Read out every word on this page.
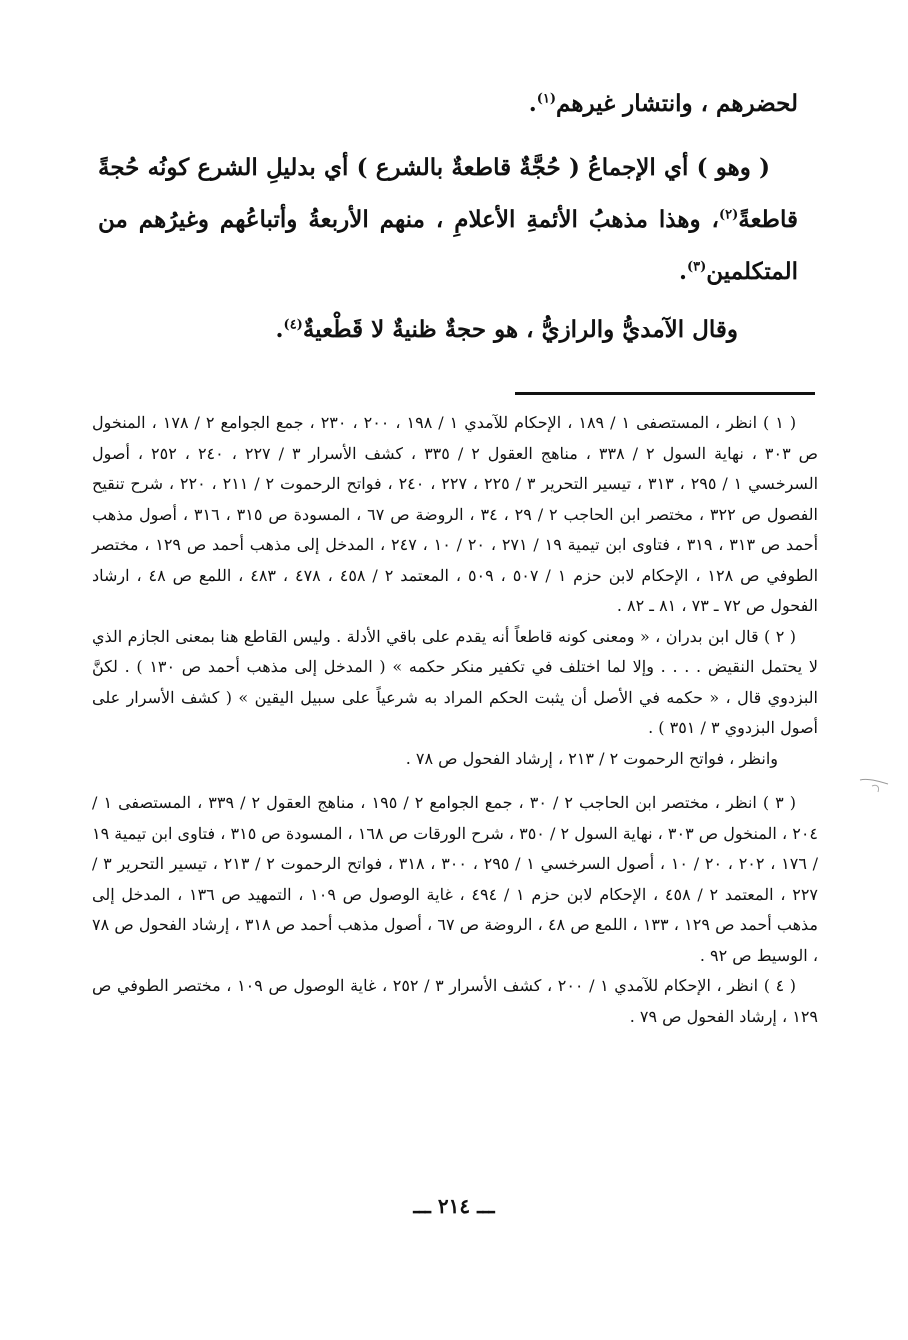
لحضرهم ، وانتشار غيرهم$^{(١)}$.

( وهو ) أي الإجماعُ ( حُجَّةٌ قاطعةٌ بالشرع ) أي بدليلِ الشرع كونُه حُجةً قاطعةً$^{(٢)}$، وهذا مذهبُ الأئمةِ الأعلامِ ، منهم الأربعةُ وأتباعُهم وغيرُهم من المتكلمين$^{(٣)}$.

وقال الآمديُّ والرازيُّ ، هو حجةٌ ظنيةٌ لا قَطْعيةٌ$^{(٤)}$.

( ١ ) انظر ، المستصفى ١ / ١٨٩ ، الإحكام للآمدي ١ / ١٩٨ ، ٢٠٠ ، ٢٣٠ ، جمع الجوامع ٢ / ١٧٨ ، المنخول ص ٣٠٣ ، نهاية السول ٢ / ٣٣٨ ، مناهج العقول ٢ / ٣٣٥ ، كشف الأسرار ٣ / ٢٢٧ ، ٢٤٠ ، ٢٥٢ ، أصول السرخسي ١ / ٢٩٥ ، ٣١٣ ، تيسير التحرير ٣ / ٢٢٥ ، ٢٢٧ ، ٢٤٠ ، فواتح الرحموت ٢ / ٢١١ ، ٢٢٠ ، شرح تنقيح الفصول ص ٣٢٢ ، مختصر ابن الحاجب ٢ / ٢٩ ، ٣٤ ، الروضة ص ٦٧ ، المسودة ص ٣١٥ ، ٣١٦ ، أصول مذهب أحمد ص ٣١٣ ، ٣١٩ ، فتاوى ابن تيمية ١٩ / ٢٧١ ، ٢٠ / ١٠ ، ٢٤٧ ، المدخل إلى مذهب أحمد ص ١٢٩ ، مختصر الطوفي ص ١٢٨ ، الإحكام لابن حزم ١ / ٥٠٧ ، ٥٠٩ ، المعتمد ٢ / ٤٥٨ ، ٤٧٨ ، ٤٨٣ ، اللمع ص ٤٨ ، ارشاد الفحول ص ٧٢ ـ ٧٣ ، ٨١ ـ ٨٢ .

( ٢ ) قال ابن بدران ، « ومعنى كونه قاطعاً أنه يقدم على باقي الأدلة . وليس القاطع هنا بمعنى الجازم الذي لا يحتمل النقيض . . . . وإلا لما اختلف في تكفير منكر حكمه » ( المدخل إلى مذهب أحمد ص ١٣٠ ) . لكنَّ البزدوي قال ، « حكمه في الأصل أن يثبت الحكم المراد به شرعياً على سبيل اليقين » ( كشف الأسرار على أصول البزدوي ٣ / ٣٥١ ) .

وانظر ، فواتح الرحموت ٢ / ٢١٣ ، إرشاد الفحول ص ٧٨ .

( ٣ ) انظر ، مختصر ابن الحاجب ٢ / ٣٠ ، جمع الجوامع ٢ / ١٩٥ ، مناهج العقول ٢ / ٣٣٩ ، المستصفى ١ / ٢٠٤ ، المنخول ص ٣٠٣ ، نهاية السول ٢ / ٣٥٠ ، شرح الورقات ص ١٦٨ ، المسودة ص ٣١٥ ، فتاوى ابن تيمية ١٩ / ١٧٦ ، ٢٠٢ ، ٢٠ / ١٠ ، أصول السرخسي ١ / ٢٩٥ ، ٣٠٠ ، ٣١٨ ، فواتح الرحموت ٢ / ٢١٣ ، تيسير التحرير ٣ / ٢٢٧ ، المعتمد ٢ / ٤٥٨ ، الإحكام لابن حزم ١ / ٤٩٤ ، غاية الوصول ص ١٠٩ ، التمهيد ص ١٣٦ ، المدخل إلى مذهب أحمد ص ١٢٩ ، ١٣٣ ، اللمع ص ٤٨ ، الروضة ص ٦٧ ، أصول مذهب أحمد ص ٣١٨ ، إرشاد الفحول ص ٧٨ ، الوسيط ص ٩٢ .

( ٤ ) انظر ، الإحكام للآمدي ١ / ٢٠٠ ، كشف الأسرار ٣ / ٢٥٢ ، غاية الوصول ص ١٠٩ ، مختصر الطوفي ص ١٢٩ ، إرشاد الفحول ص ٧٩ .

ـــ ٢١٤ ـــ
